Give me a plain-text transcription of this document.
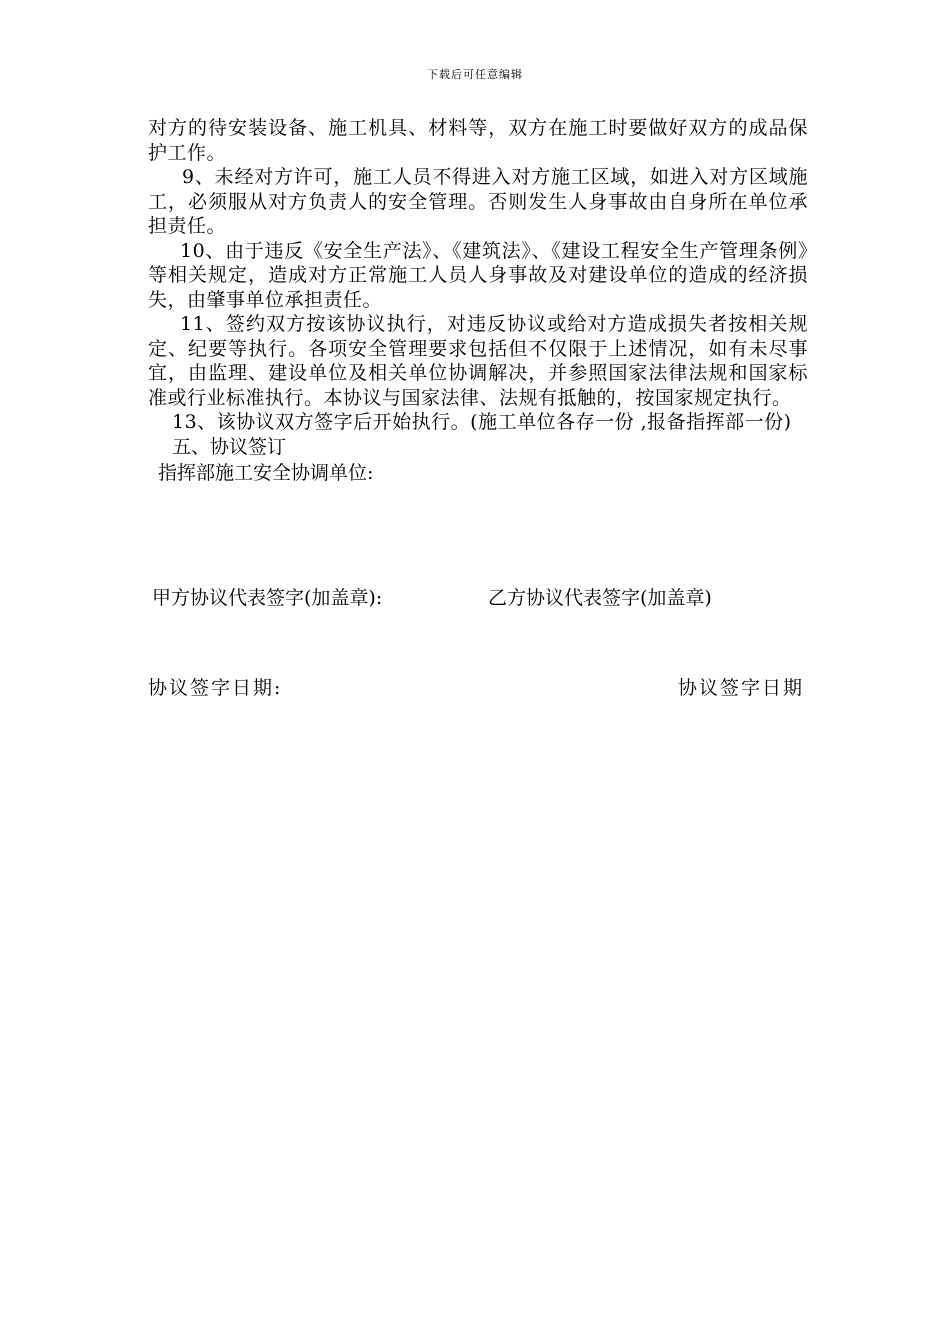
下载后可任意编辑

对方的待安装设备、施工机具、材料等，双方在施工时要做好双方的成品保护工作。

9、未经对方许可，施工人员不得进入对方施工区域，如进入对方区域施工，必须服从对方负责人的安全管理。否则发生人身事故由自身所在单位承担责任。

10、由于违反《安全生产法》、《建筑法》、《建设工程安全生产管理条例》等相关规定，造成对方正常施工人员人身事故及对建设单位的造成的经济损失，由肇事单位承担责任。

11、签约双方按该协议执行，对违反协议或给对方造成损失者按相关规定、纪要等执行。各项安全管理要求包括但不仅限于上述情况，如有未尽事宜，由监理、建设单位及相关单位协调解决，并参照国家法律法规和国家标准或行业标准执行。本协议与国家法律、法规有抵触的，按国家规定执行。

13、该协议双方签字后开始执行。(施工单位各存一份 ,报备指挥部一份)

五、协议签订

指挥部施工安全协调单位:

甲方协议代表签字(加盖章):	乙方协议代表签字(加盖章)
协议签字日期:	协议签字日期
